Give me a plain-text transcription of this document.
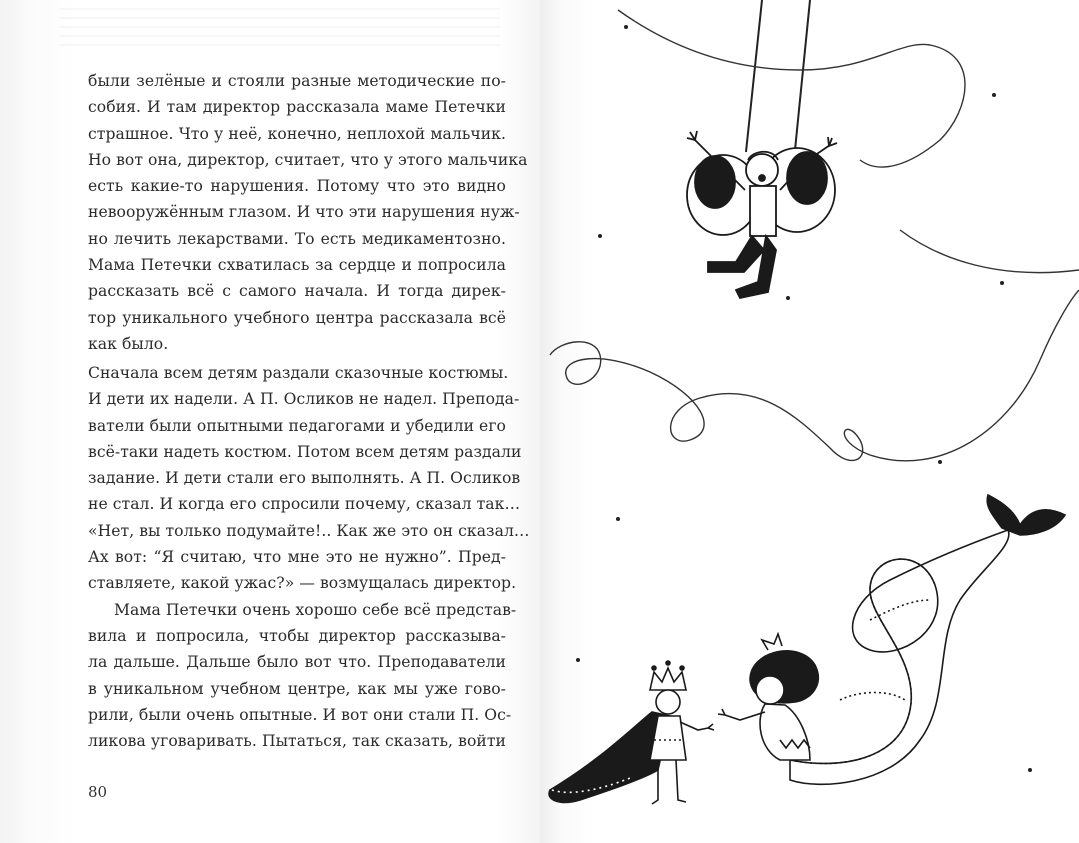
были зелёные и стояли разные методические по-
собия. И там директор рассказала маме Петечки
страшное. Что у неё, конечно, неплохой мальчик.
Но вот она, директор, считает, что у этого мальчика
есть какие-то нарушения. Потому что это видно
невооружённым глазом. И что эти нарушения нуж-
но лечить лекарствами. То есть медикаментозно.
Мама Петечки схватилась за сердце и попросила
рассказать всё с самого начала. И тогда дирек-
тор уникального учебного центра рассказала всё
как было.
Сначала всем детям раздали сказочные костюмы.
И дети их надели. А П. Осликов не надел. Препода-
ватели были опытными педагогами и убедили его
всё-таки надеть костюм. Потом всем детям раздали
задание. И дети стали его выполнять. А П. Осликов
не стал. И когда его спросили почему, сказал так…
«Нет, вы только подумайте!.. Как же это он сказал…
Ах вот: “Я считаю, что мне это не нужно”. Пред-
ставляете, какой ужас?» — возмущалась директор.
Мама Петечки очень хорошо себе всё представ-
вила и попросила, чтобы директор рассказыва-
ла дальше. Дальше было вот что. Преподаватели
в уникальном учебном центре, как мы уже гово-
рили, были очень опытные. И вот они стали П. Ос-
ликова уговаривать. Пытаться, так сказать, войти
80
